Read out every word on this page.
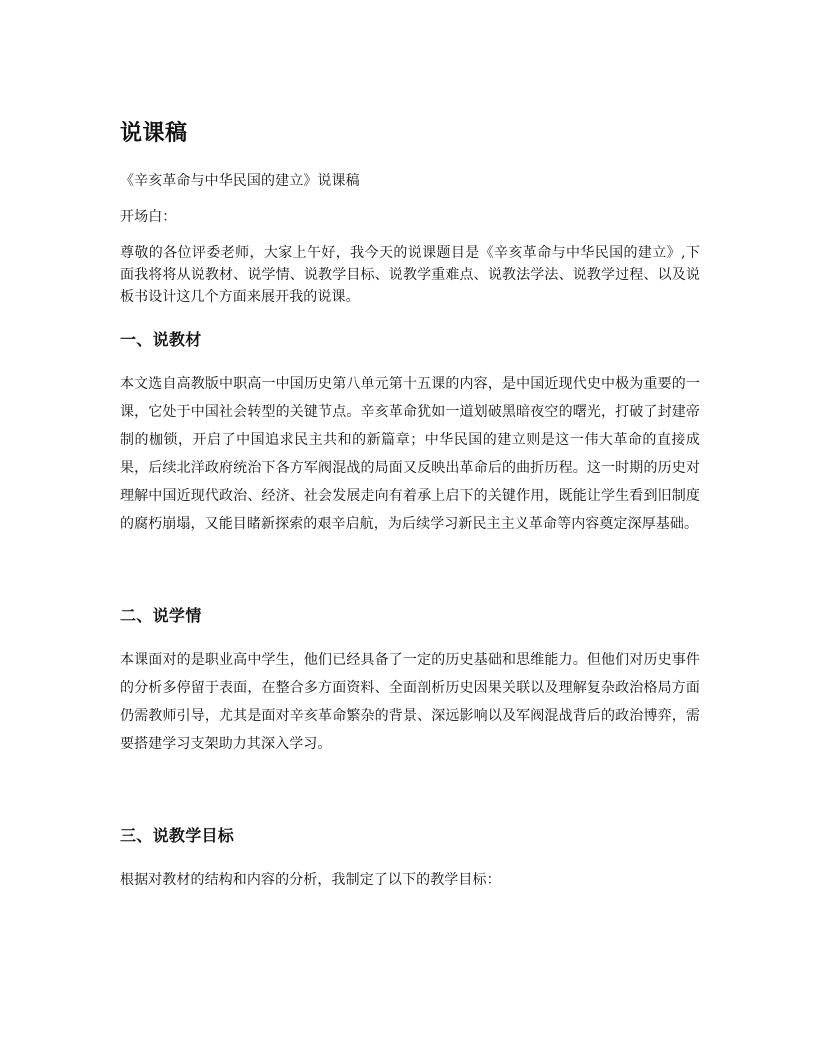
说课稿

《辛亥革命与中华民国的建立》说课稿

开场白：

尊敬的各位评委老师，大家上午好，我今天的说课题目是《辛亥革命与中华民国的建立》,下面我将将从说教材、说学情、说教学目标、说教学重难点、说教法学法、说教学过程、以及说板书设计这几个方面来展开我的说课。

一、说教材

本文选自高教版中职高一中国历史第八单元第十五课的内容，是中国近现代史中极为重要的一课，它处于中国社会转型的关键节点。辛亥革命犹如一道划破黑暗夜空的曙光，打破了封建帝制的枷锁，开启了中国追求民主共和的新篇章；中华民国的建立则是这一伟大革命的直接成果，后续北洋政府统治下各方军阀混战的局面又反映出革命后的曲折历程。这一时期的历史对理解中国近现代政治、经济、社会发展走向有着承上启下的关键作用，既能让学生看到旧制度的腐朽崩塌，又能目睹新探索的艰辛启航，为后续学习新民主主义革命等内容奠定深厚基础。

二、说学情

本课面对的是职业高中学生，他们已经具备了一定的历史基础和思维能力。但他们对历史事件的分析多停留于表面，在整合多方面资料、全面剖析历史因果关联以及理解复杂政治格局方面仍需教师引导，尤其是面对辛亥革命繁杂的背景、深远影响以及军阀混战背后的政治博弈，需要搭建学习支架助力其深入学习。

三、说教学目标

根据对教材的结构和内容的分析，我制定了以下的教学目标：
